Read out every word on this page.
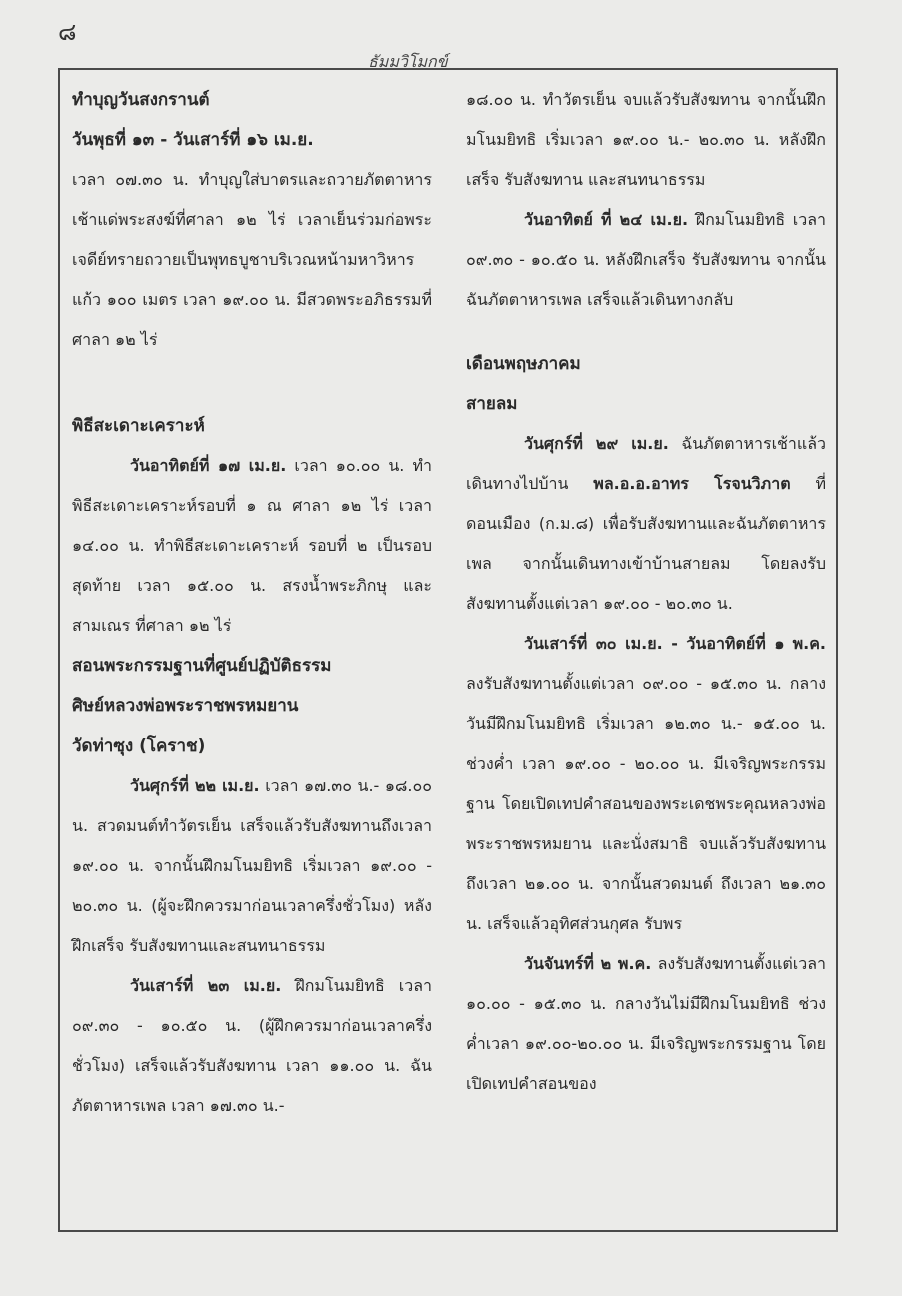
๘
ธัมมวิโมกข์

ทำบุญวันสงกรานต์

วันพุธที่ ๑๓ - วันเสาร์ที่ ๑๖ เม.ย.

เวลา ๐๗.๓๐ น. ทำบุญใส่บาตรและถวายภัตตาหารเช้าแด่พระสงฆ์ที่ศาลา ๑๒ ไร่ เวลาเย็นร่วมก่อพระเจดีย์ทรายถวายเป็นพุทธบูชาบริเวณหน้ามหาวิหารแก้ว ๑๐๐ เมตร เวลา ๑๙.๐๐ น. มีสวดพระอภิธรรมที่ศาลา ๑๒ ไร่

พิธีสะเดาะเคราะห์

วันอาทิตย์ที่ ๑๗ เม.ย. เวลา ๑๐.๐๐ น. ทำพิธีสะเดาะเคราะห์รอบที่ ๑ ณ ศาลา ๑๒ ไร่ เวลา ๑๔.๐๐ น. ทำพิธีสะเดาะเคราะห์ รอบที่ ๒ เป็นรอบสุดท้าย เวลา ๑๕.๐๐ น. สรงน้ำพระภิกษุ และ สามเณร ที่ศาลา ๑๒ ไร่

สอนพระกรรมฐานที่ศูนย์ปฏิบัติธรรม

ศิษย์หลวงพ่อพระราชพรหมยาน

วัดท่าซุง (โคราช)

วันศุกร์ที่ ๒๒ เม.ย. เวลา ๑๗.๓๐ น.- ๑๘.๐๐ น. สวดมนต์ทำวัตรเย็น เสร็จแล้วรับสังฆทานถึงเวลา ๑๙.๐๐ น. จากนั้นฝึกมโนมยิทธิ เริ่มเวลา ๑๙.๐๐ - ๒๐.๓๐ น. (ผู้จะฝึกควรมาก่อนเวลาครึ่งชั่วโมง) หลังฝึกเสร็จ รับสังฆทานและสนทนาธรรม

วันเสาร์ที่ ๒๓ เม.ย. ฝึกมโนมยิทธิ เวลา ๐๙.๓๐ - ๑๐.๕๐ น. (ผู้ฝึกควรมาก่อนเวลาครึ่งชั่วโมง) เสร็จแล้วรับสังฆทาน เวลา ๑๑.๐๐ น. ฉันภัตตาหารเพล เวลา ๑๗.๓๐ น.-

๑๘.๐๐ น. ทำวัตรเย็น จบแล้วรับสังฆทาน จากนั้นฝึกมโนมยิทธิ เริ่มเวลา ๑๙.๐๐ น.- ๒๐.๓๐ น. หลังฝึกเสร็จ รับสังฆทาน และสนทนาธรรม

วันอาทิตย์ ที่ ๒๔ เม.ย. ฝึกมโนมยิทธิ เวลา ๐๙.๓๐ - ๑๐.๕๐ น. หลังฝึกเสร็จ รับสังฆทาน จากนั้นฉันภัตตาหารเพล เสร็จแล้วเดินทางกลับ

เดือนพฤษภาคม

สายลม

วันศุกร์ที่ ๒๙ เม.ย. ฉันภัตตาหารเช้าแล้วเดินทางไปบ้าน พล.อ.อ.อาทร โรจนวิภาต ที่ดอนเมือง (ก.ม.๘) เพื่อรับสังฆทานและฉันภัตตาหารเพล จากนั้นเดินทางเข้าบ้านสายลม โดยลงรับสังฆทานตั้งแต่เวลา ๑๙.๐๐ - ๒๐.๓๐ น.

วันเสาร์ที่ ๓๐ เม.ย. - วันอาทิตย์ที่ ๑ พ.ค. ลงรับสังฆทานตั้งแต่เวลา ๐๙.๐๐ - ๑๕.๓๐ น. กลางวันมีฝึกมโนมยิทธิ เริ่มเวลา ๑๒.๓๐ น.- ๑๕.๐๐ น. ช่วงค่ำ เวลา ๑๙.๐๐ - ๒๐.๐๐ น. มีเจริญพระกรรมฐาน โดยเปิดเทปคำสอนของพระเดชพระคุณหลวงพ่อพระราชพรหมยาน และนั่งสมาธิ จบแล้วรับสังฆทาน ถึงเวลา ๒๑.๐๐ น. จากนั้นสวดมนต์ ถึงเวลา ๒๑.๓๐ น. เสร็จแล้วอุทิศส่วนกุศล รับพร

วันจันทร์ที่ ๒ พ.ค. ลงรับสังฆทานตั้งแต่เวลา ๑๐.๐๐ - ๑๕.๓๐ น. กลางวันไม่มีฝึกมโนมยิทธิ ช่วงค่ำเวลา ๑๙.๐๐-๒๐.๐๐ น. มีเจริญพระกรรมฐาน โดยเปิดเทปคำสอนของ
